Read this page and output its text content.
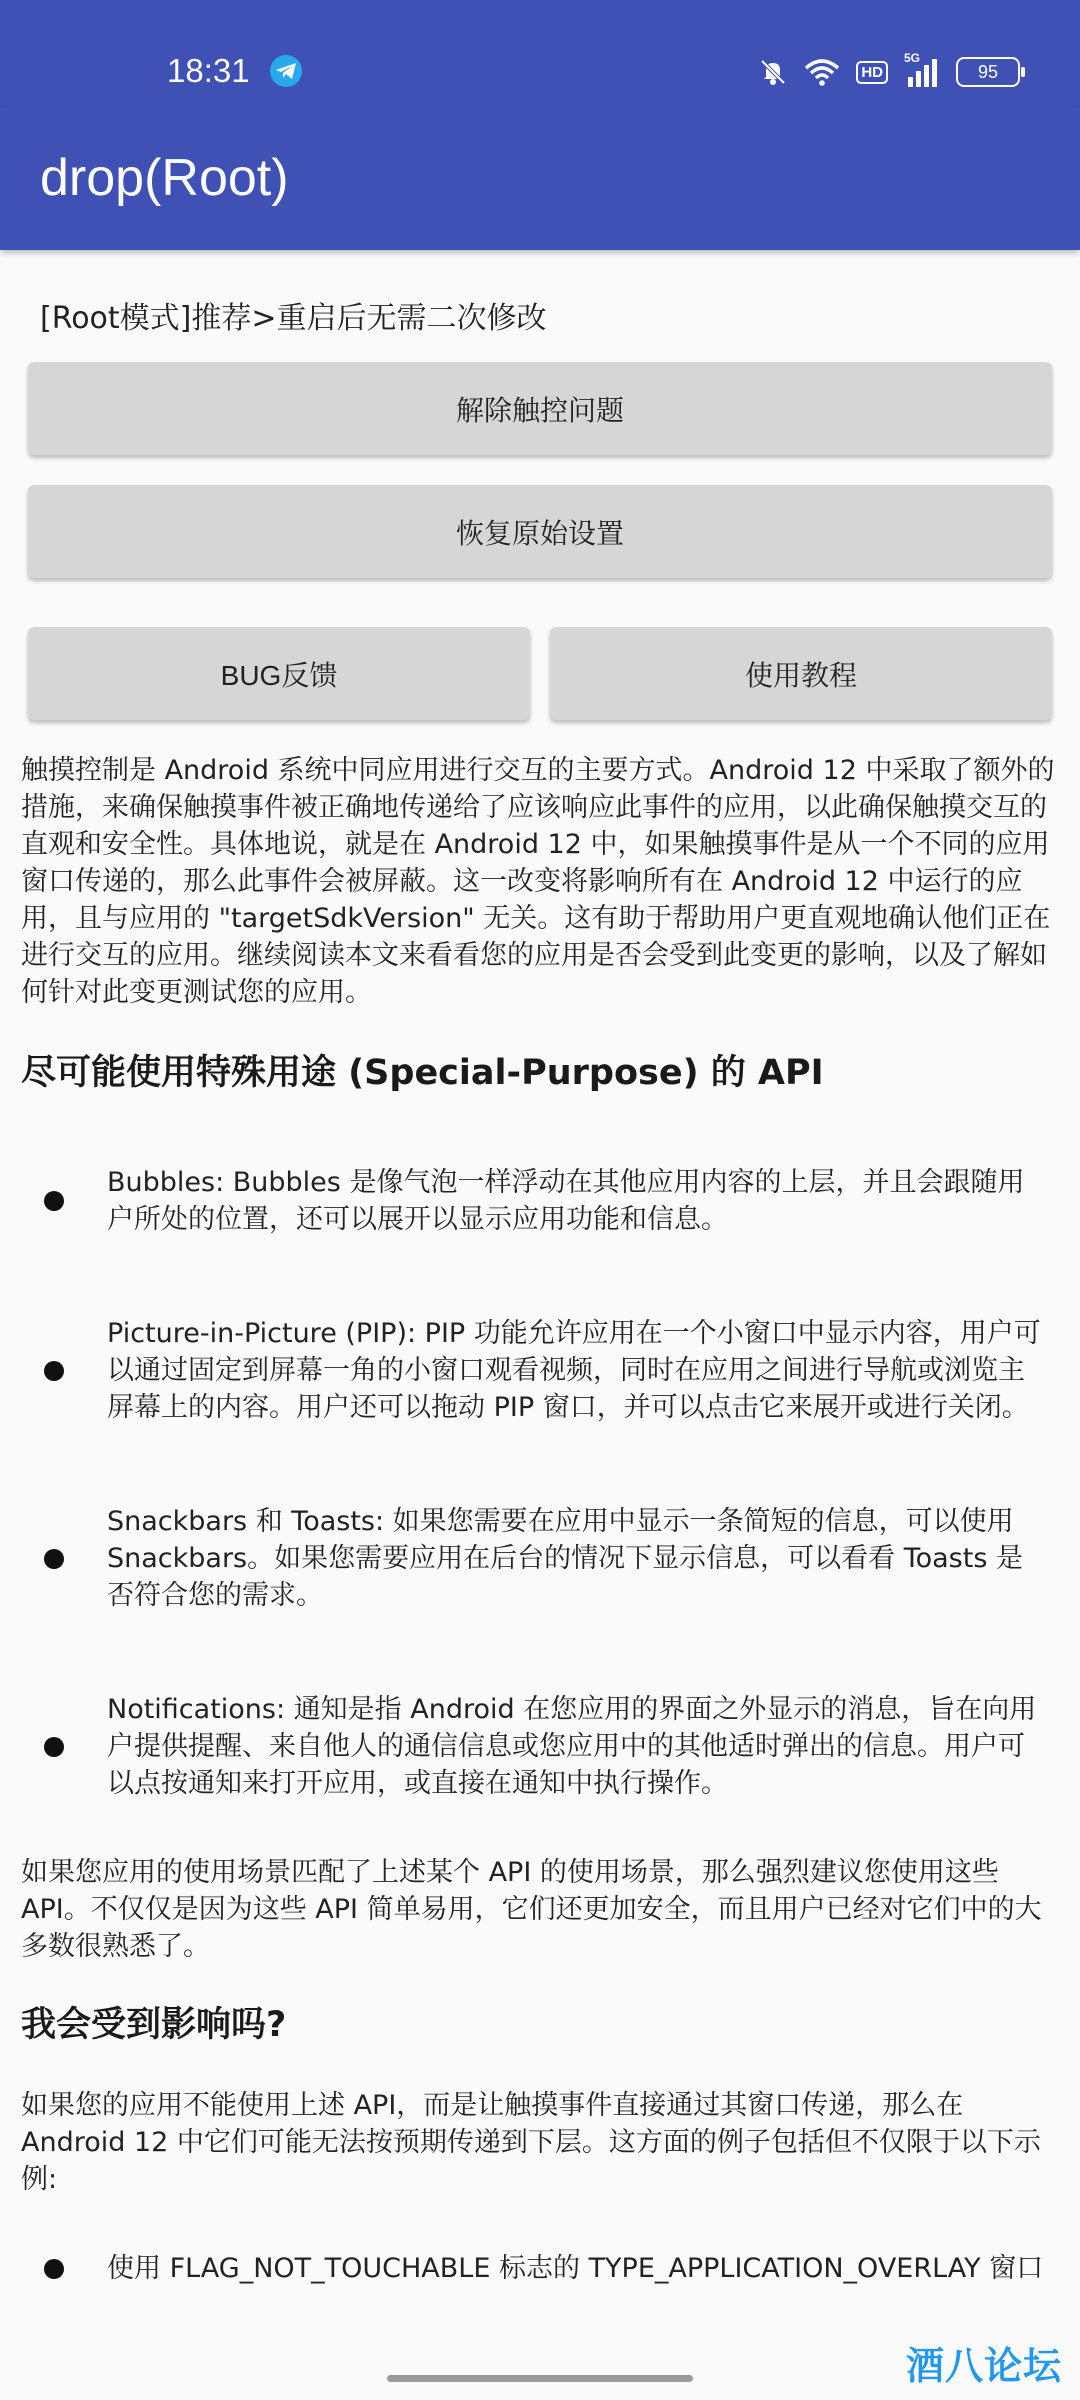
18:31	HD
5G
95
drop(Root)
[Root模式]推荐>重启后无需二次修改
解除触控问题
恢复原始设置
BUG反馈	使用教程

触摸控制是 Android 系统中同应用进行交互的主要方式。Android 12 中采取了额外的措施，来确保触摸事件被正确地传递给了应该响应此事件的应用，以此确保触摸交互的直观和安全性。具体地说，就是在 Android 12 中，如果触摸事件是从一个不同的应用窗口传递的，那么此事件会被屏蔽。这一改变将影响所有在 Android 12 中运行的应用，且与应用的 "targetSdkVersion" 无关。这有助于帮助用户更直观地确认他们正在进行交互的应用。继续阅读本文来看看您的应用是否会受到此变更的影响，以及了解如何针对此变更测试您的应用。

尽可能使用特殊用途 (Special-Purpose) 的 API

Bubbles: Bubbles 是像气泡一样浮动在其他应用内容的上层，并且会跟随用户所处的位置，还可以展开以显示应用功能和信息。
Picture-in-Picture (PIP): PIP 功能允许应用在一个小窗口中显示内容，用户可以通过固定到屏幕一角的小窗口观看视频，同时在应用之间进行导航或浏览主屏幕上的内容。用户还可以拖动 PIP 窗口，并可以点击它来展开或进行关闭。
Snackbars 和 Toasts: 如果您需要在应用中显示一条简短的信息，可以使用 Snackbars。如果您需要应用在后台的情况下显示信息，可以看看 Toasts 是否符合您的需求。
Notifications: 通知是指 Android 在您应用的界面之外显示的消息，旨在向用户提供提醒、来自他人的通信信息或您应用中的其他适时弹出的信息。用户可以点按通知来打开应用，或直接在通知中执行操作。

如果您应用的使用场景匹配了上述某个 API 的使用场景，那么强烈建议您使用这些 API。不仅仅是因为这些 API 简单易用，它们还更加安全，而且用户已经对它们中的大多数很熟悉了。

我会受到影响吗?

如果您的应用不能使用上述 API，而是让触摸事件直接通过其窗口传递，那么在 Android 12 中它们可能无法按预期传递到下层。这方面的例子包括但不仅限于以下示例:

使用 FLAG_NOT_TOUCHABLE 标志的 TYPE_APPLICATION_OVERLAY 窗口
酒八论坛
